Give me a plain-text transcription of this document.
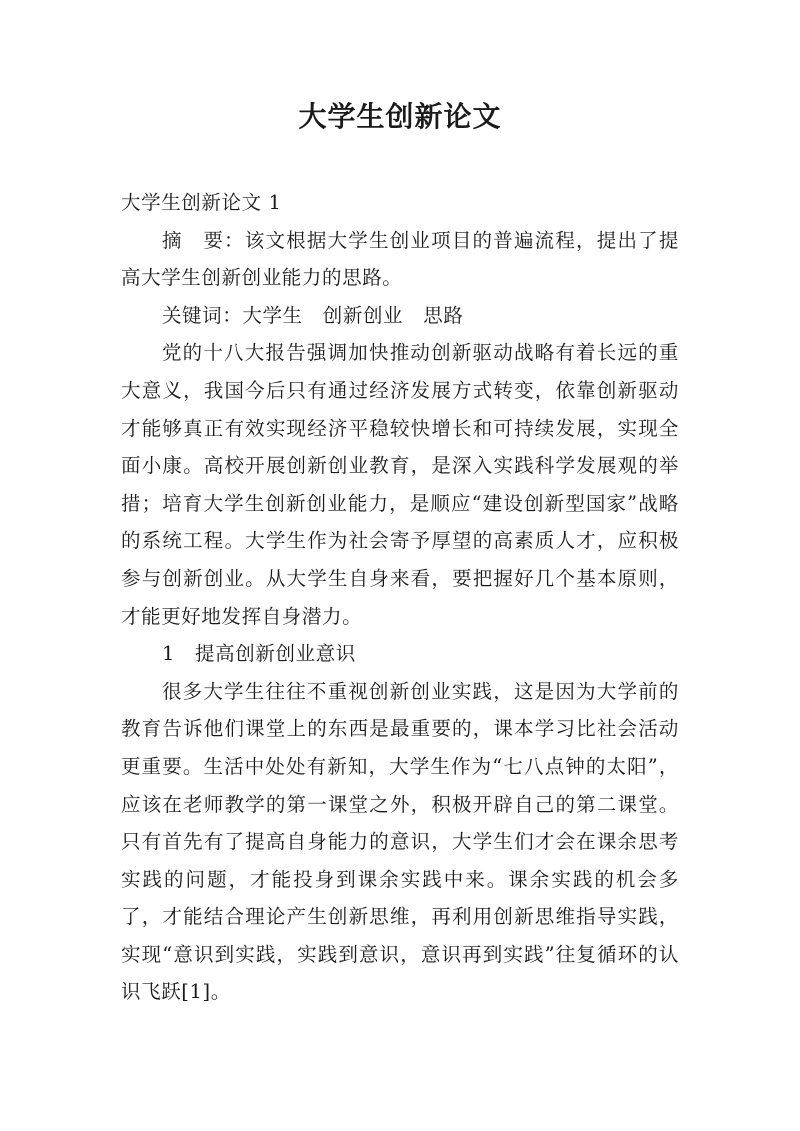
大学生创新论文

大学生创新论文 1

摘　要：该文根据大学生创业项目的普遍流程，提出了提高大学生创新创业能力的思路。

关键词：大学生　创新创业　思路

党的十八大报告强调加快推动创新驱动战略有着长远的重大意义，我国今后只有通过经济发展方式转变，依靠创新驱动才能够真正有效实现经济平稳较快增长和可持续发展，实现全面小康。高校开展创新创业教育，是深入实践科学发展观的举措；培育大学生创新创业能力，是顺应“建设创新型国家”战略的系统工程。大学生作为社会寄予厚望的高素质人才，应积极参与创新创业。从大学生自身来看，要把握好几个基本原则，才能更好地发挥自身潜力。

1　提高创新创业意识

很多大学生往往不重视创新创业实践，这是因为大学前的教育告诉他们课堂上的东西是最重要的，课本学习比社会活动更重要。生活中处处有新知，大学生作为“七八点钟的太阳”，应该在老师教学的第一课堂之外，积极开辟自己的第二课堂。只有首先有了提高自身能力的意识，大学生们才会在课余思考实践的问题，才能投身到课余实践中来。课余实践的机会多了，才能结合理论产生创新思维，再利用创新思维指导实践，实现“意识到实践，实践到意识，意识再到实践”往复循环的认识飞跃[1]。
